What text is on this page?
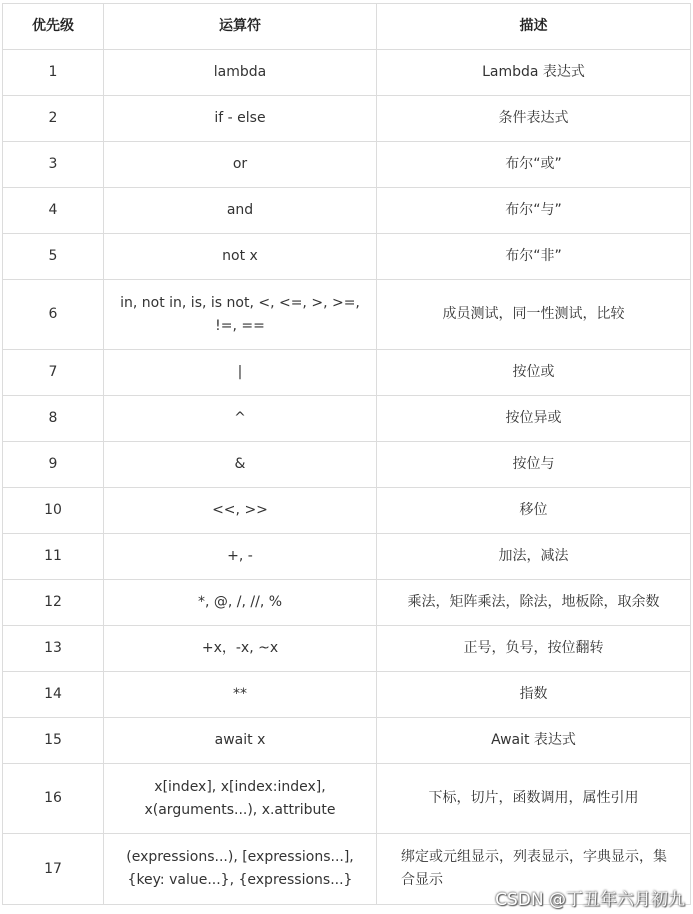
优先级	运算符	描述
1	lambda	Lambda 表达式
2	if - else	条件表达式
3	or	布尔“或”
4	and	布尔“与”
5	not x	布尔“非”
6	in, not in, is, is not, <, <=, >, >=, !=, ==	成员测试，同一性测试，比较
7	|	按位或
8	^	按位异或
9	&	按位与
10	<<, >>	移位
11	+, -	加法，减法
12	*, @, /, //, %	乘法，矩阵乘法，除法，地板除，取余数
13	+x，-x, ~x	正号，负号，按位翻转
14	**	指数
15	await x	Await 表达式
16	x[index], x[index:index], x(arguments...), x.attribute	下标，切片，函数调用，属性引用
17	(expressions...), [expressions...], {key: value...}, {expressions...}	绑定或元组显示，列表显示，字典显示，集合显示
CSDN @丁丑年六月初九
